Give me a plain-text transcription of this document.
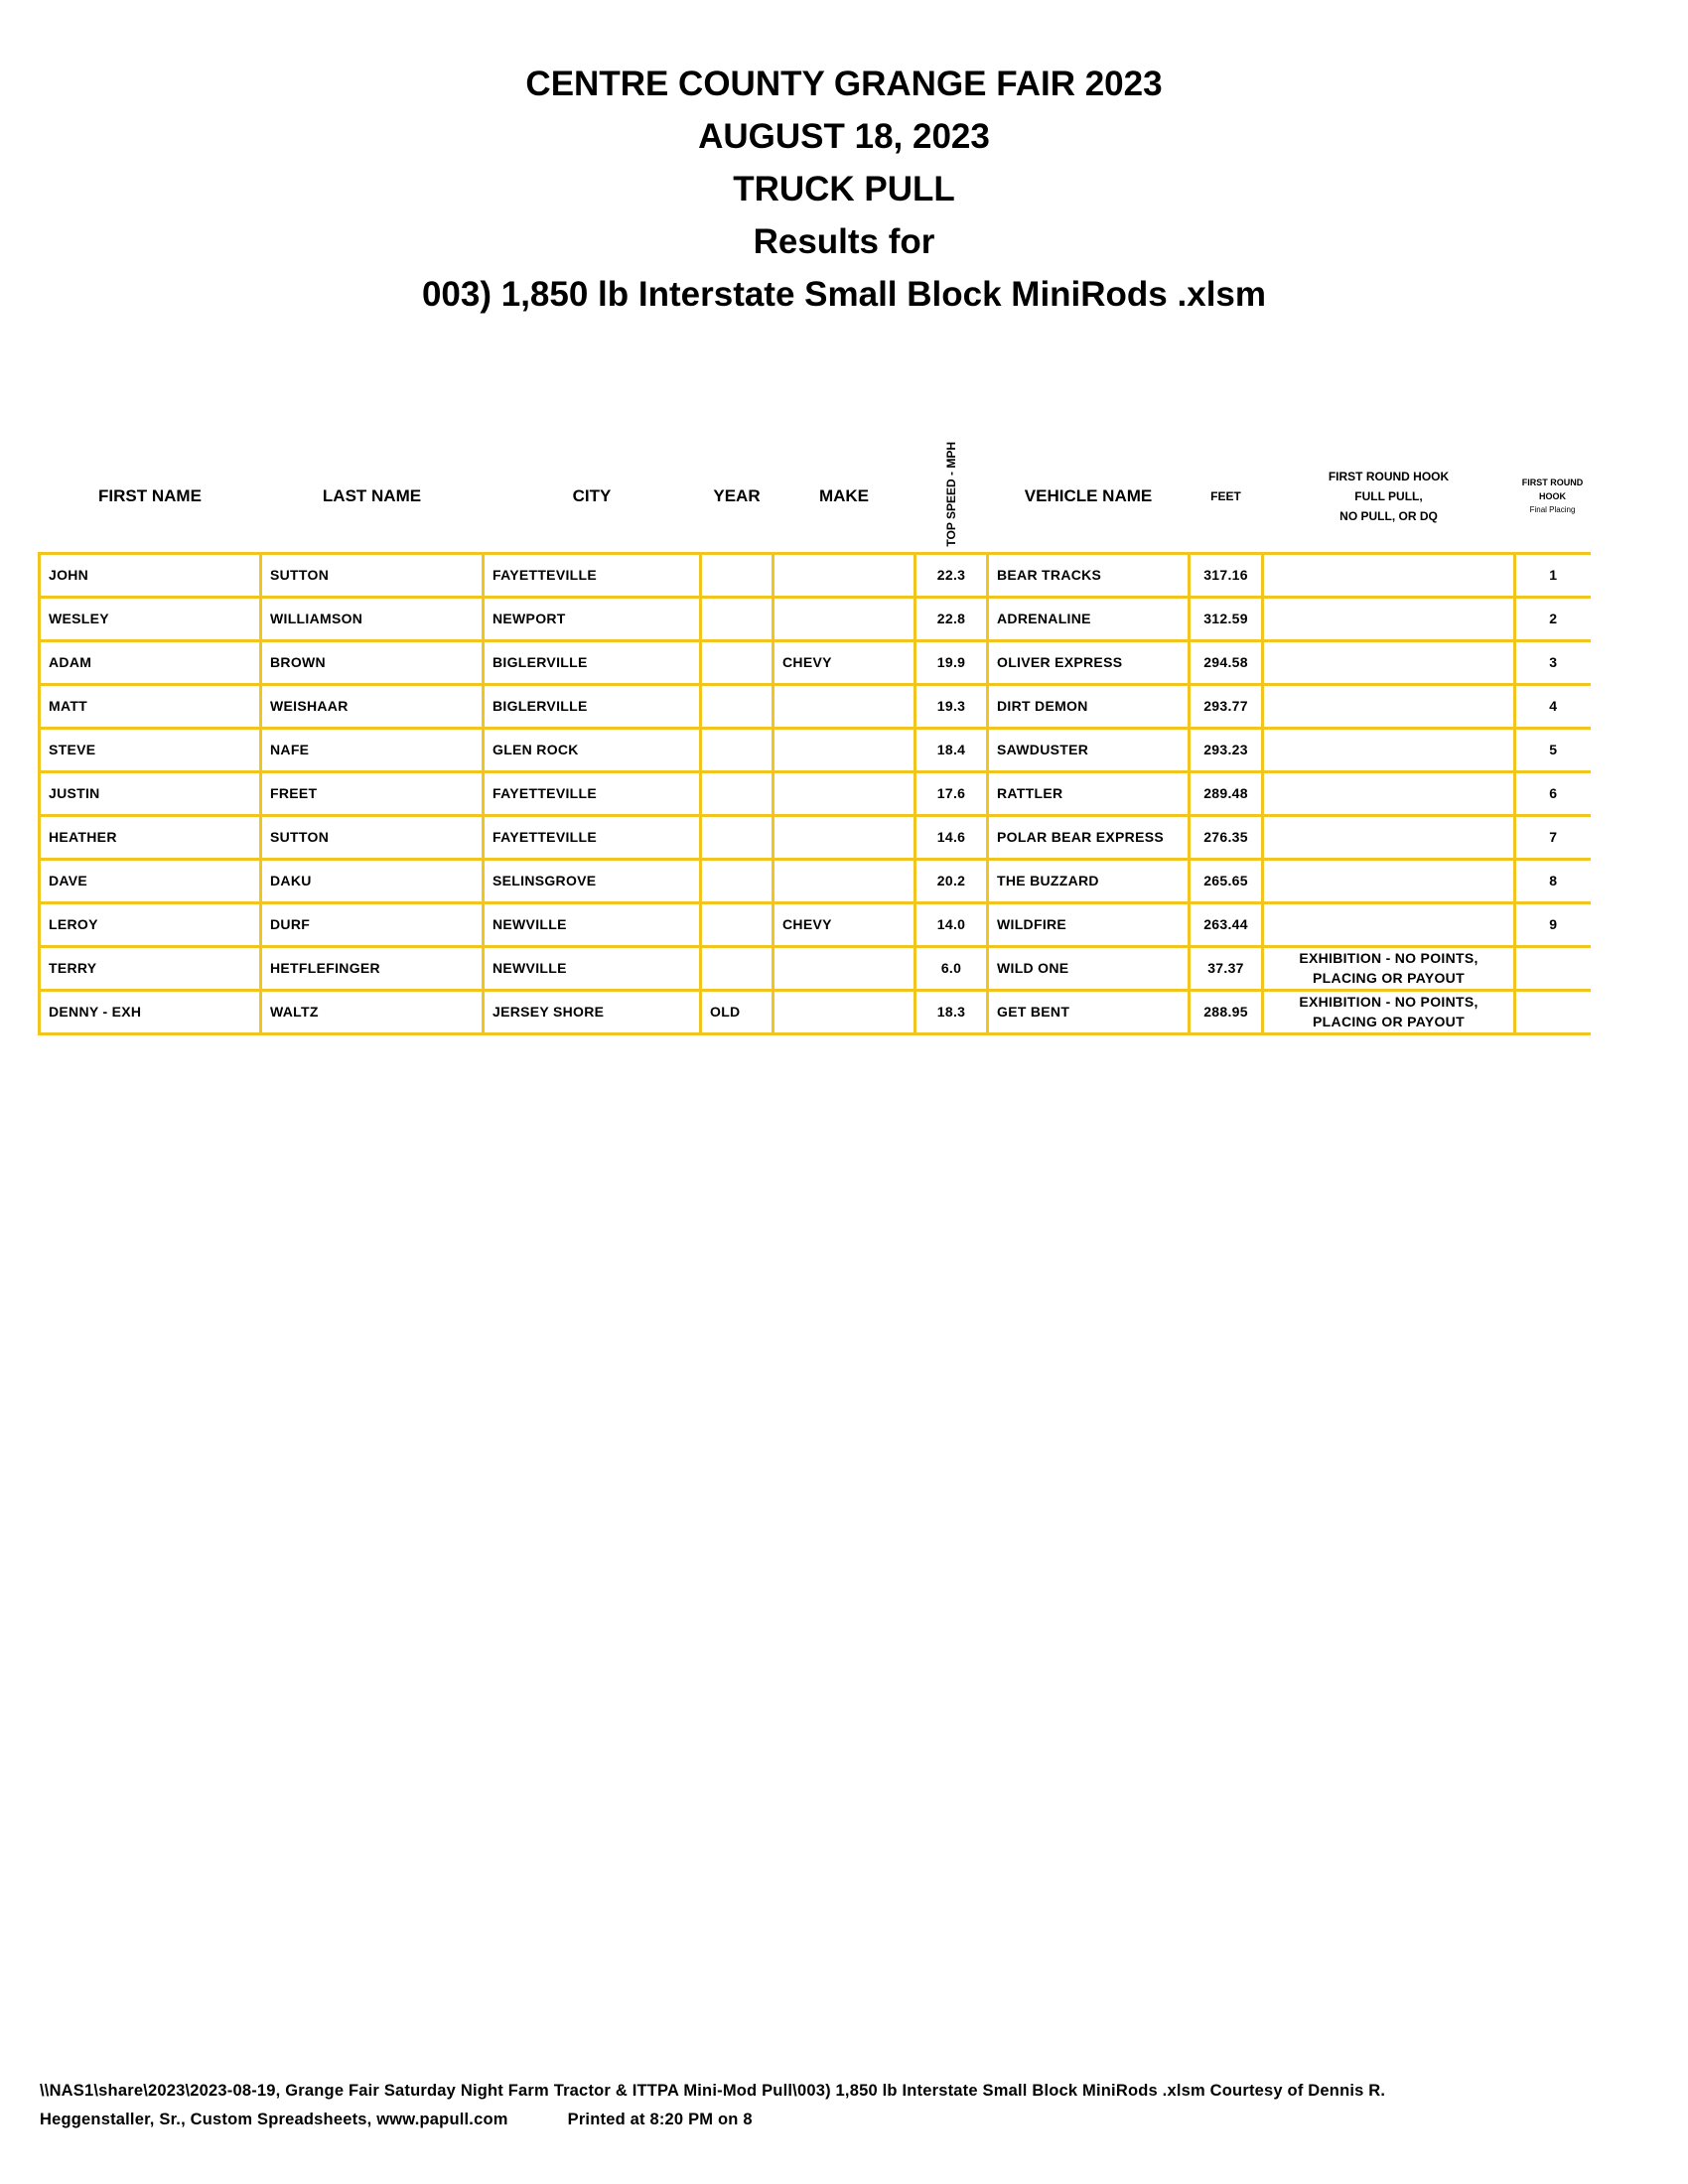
CENTRE COUNTY GRANGE FAIR 2023

AUGUST 18, 2023

TRUCK PULL

Results for

003) 1,850 lb Interstate Small Block MiniRods .xlsm

FIRST NAME	LAST NAME	CITY	YEAR	MAKE	TOP SPEED - MPH	VEHICLE NAME	FEET	FIRST ROUND HOOK
FULL PULL,
NO PULL, OR DQ	FIRST ROUND
HOOK
Final Placing

JOHN	SUTTON	FAYETTEVILLE			22.3	BEAR TRACKS	317.16		1
WESLEY	WILLIAMSON	NEWPORT			22.8	ADRENALINE	312.59		2
ADAM	BROWN	BIGLERVILLE		CHEVY	19.9	OLIVER EXPRESS	294.58		3
MATT	WEISHAAR	BIGLERVILLE			19.3	DIRT DEMON	293.77		4
STEVE	NAFE	GLEN ROCK			18.4	SAWDUSTER	293.23		5
JUSTIN	FREET	FAYETTEVILLE			17.6	RATTLER	289.48		6
HEATHER	SUTTON	FAYETTEVILLE			14.6	POLAR BEAR EXPRESS	276.35		7
DAVE	DAKU	SELINSGROVE			20.2	THE BUZZARD	265.65		8
LEROY	DURF	NEWVILLE		CHEVY	14.0	WILDFIRE	263.44		9
TERRY	HETFLEFINGER	NEWVILLE			6.0	WILD ONE	37.37	EXHIBITION - NO POINTS,
PLACING OR PAYOUT	
DENNY - EXH	WALTZ	JERSEY SHORE	OLD		18.3	GET BENT	288.95	EXHIBITION - NO POINTS,
PLACING OR PAYOUT	
\\NAS1\share\2023\2023-08-19, Grange Fair Saturday Night Farm Tractor & ITTPA Mini-Mod Pull\003) 1,850 lb Interstate Small Block MiniRods .xlsm Courtesy of Dennis R.
Heggenstaller, Sr., Custom Spreadsheets, www.papull.com	Printed at 8:20 PM on 8
